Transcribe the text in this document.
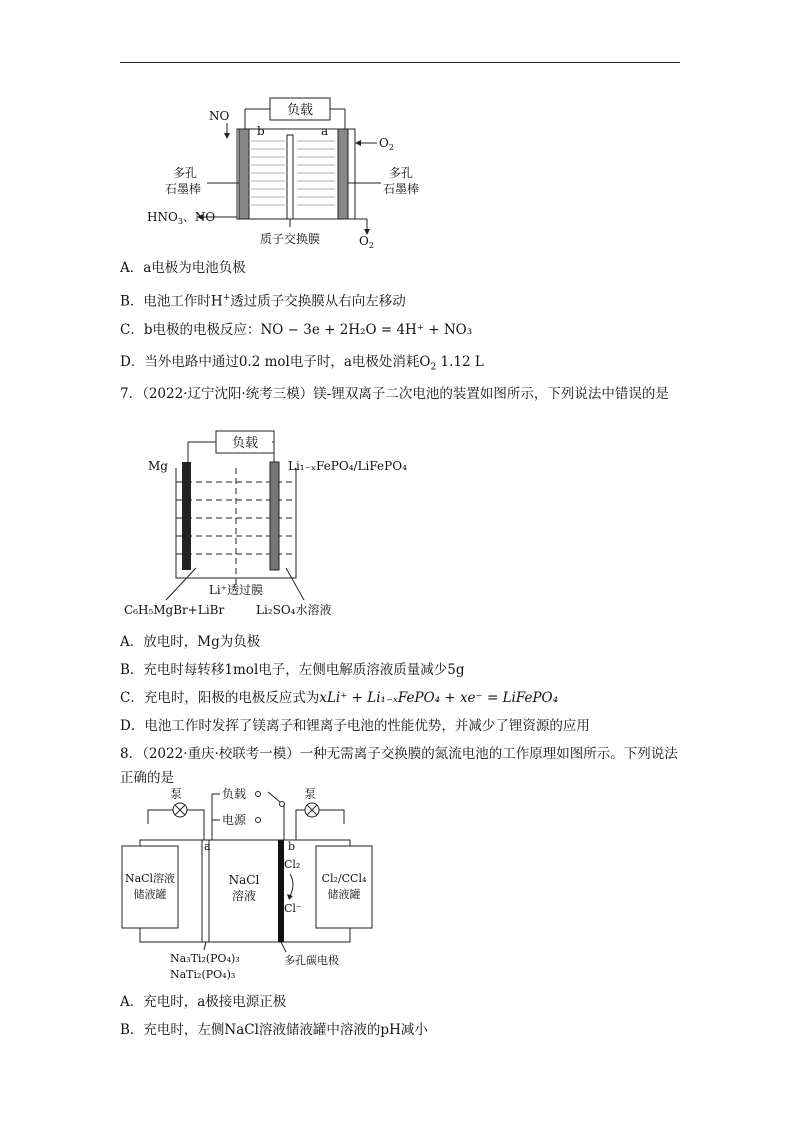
负载
b	a
NO
$O_2$
多孔
石墨棒
多孔
石墨棒
$HNO_3$、NO
$O_2$
质子交换膜
A．a电极为电池负极
B．电池工作时H+透过质子交换膜从右向左移动
C．b电极的电极反应：NO − 3e + 2H₂O = 4H⁺ + NO₃
D．当外电路中通过0.2 mol电子时，a电极处消耗$O_2$ 1.12 L
7．（2022·辽宁沈阳·统考三模）镁-锂双离子二次电池的装置如图所示，下列说法中错误的是
负载
Mg	Li₁₋ₓFePO₄/LiFePO₄
Li⁺透过膜
C₆H₅MgBr+LiBr	Li₂SO₄水溶液
A．放电时，Mg为负极
B．充电时每转移1mol电子，左侧电解质溶液质量减少5g
C．充电时，阳极的电极反应式为xLi⁺ + Li₁₋ₓFePO₄ + xe⁻ = LiFePO₄
D．电池工作时发挥了镁离子和锂离子电池的性能优势，并减少了锂资源的应用
8．（2022·重庆·校联考一模）一种无需离子交换膜的氮流电池的工作原理如图所示。下列说法正确的是
泵	泵
负载
电源
NaCl溶液
储液罐
a
NaCl
溶液
b
Cl₂
Cl⁻
Cl₂/CCl₄
储液罐
Na₃Ti₂(PO₄)₃
NaTi₂(PO₄)₃
多孔碳电极
A．充电时，a极接电源正极
B．充电时，左侧NaCl溶液储液罐中溶液的pH减小
